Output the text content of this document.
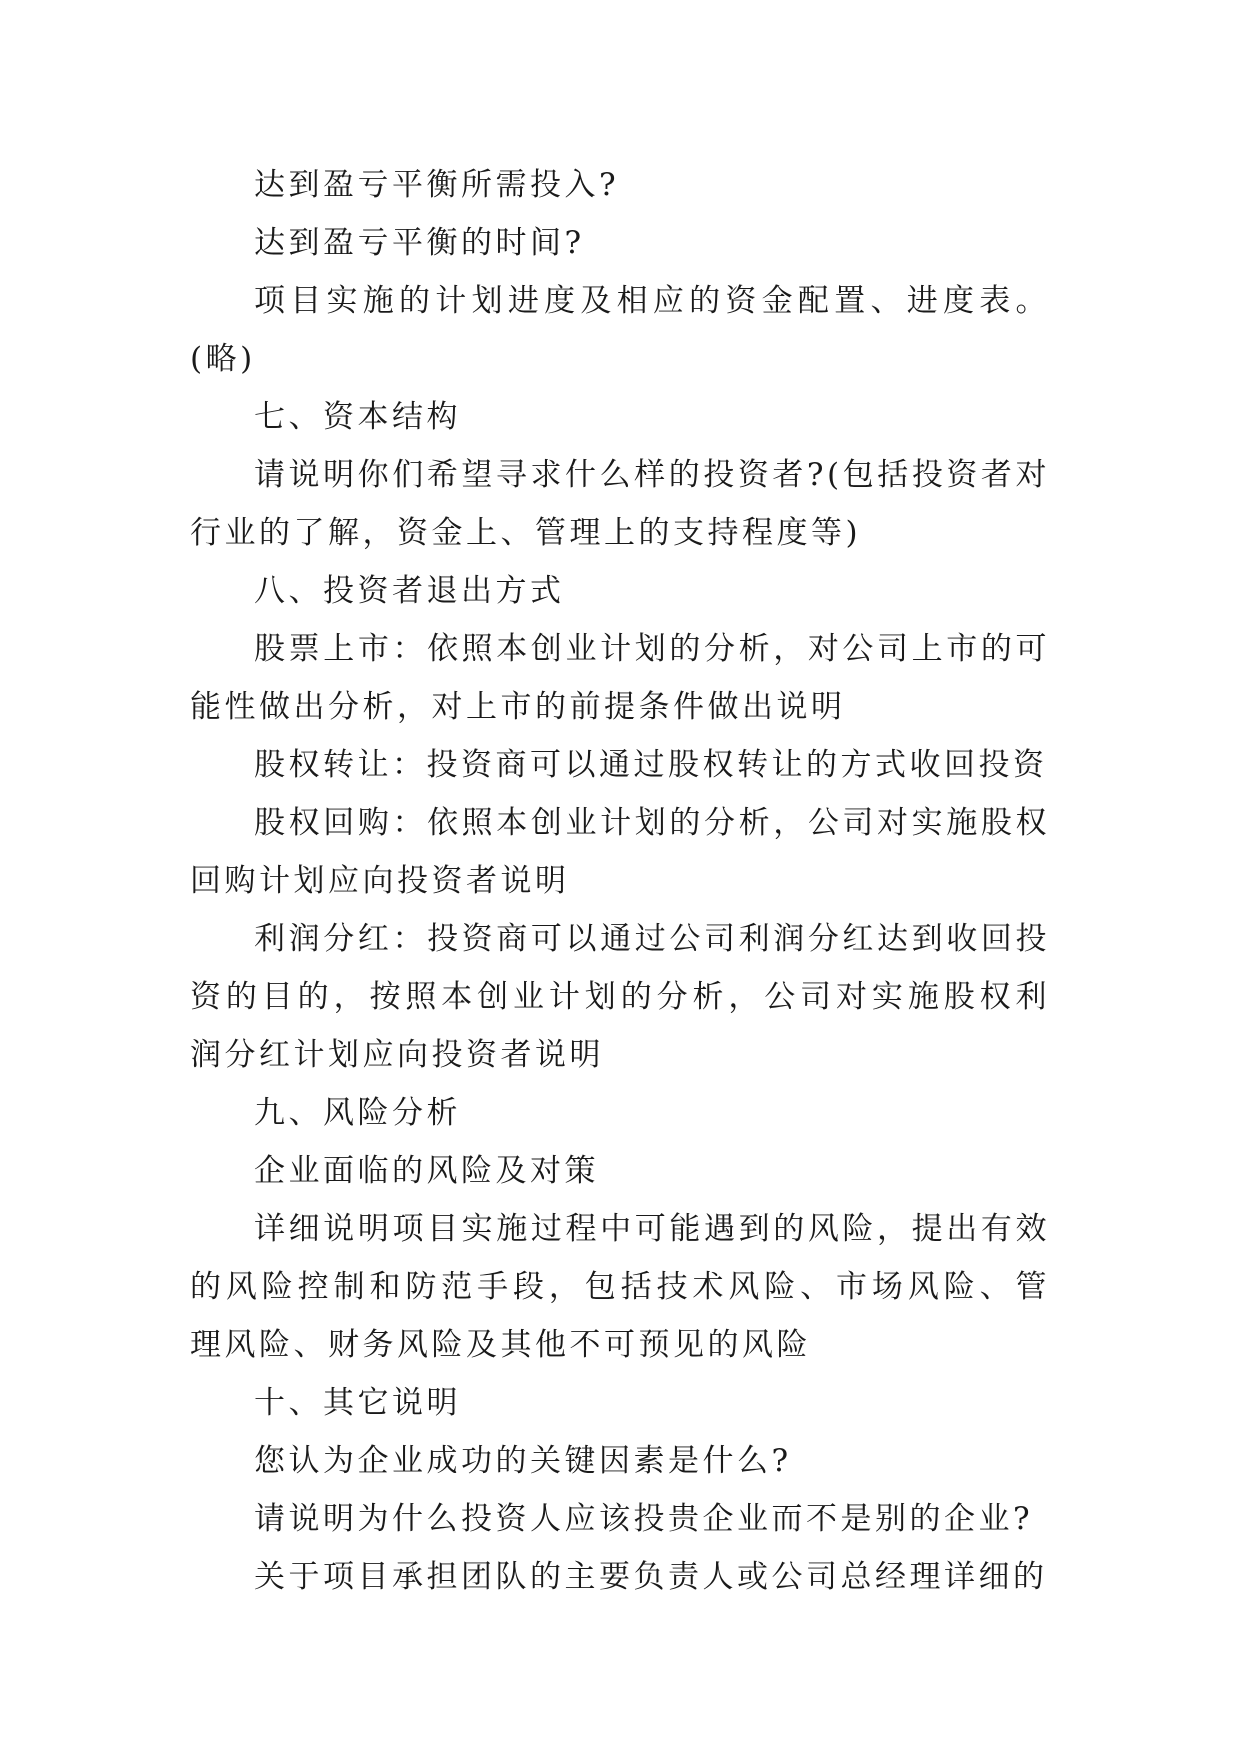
达到盈亏平衡所需投入?

达到盈亏平衡的时间?

项目实施的计划进度及相应的资金配置、进度表。(略)

七、资本结构

请说明你们希望寻求什么样的投资者?(包括投资者对行业的了解，资金上、管理上的支持程度等)

八、投资者退出方式

股票上市：依照本创业计划的分析，对公司上市的可能性做出分析，对上市的前提条件做出说明

股权转让：投资商可以通过股权转让的方式收回投资

股权回购：依照本创业计划的分析，公司对实施股权回购计划应向投资者说明

利润分红：投资商可以通过公司利润分红达到收回投资的目的，按照本创业计划的分析，公司对实施股权利润分红计划应向投资者说明

九、风险分析

企业面临的风险及对策

详细说明项目实施过程中可能遇到的风险，提出有效的风险控制和防范手段，包括技术风险、市场风险、管理风险、财务风险及其他不可预见的风险

十、其它说明

您认为企业成功的关键因素是什么?

请说明为什么投资人应该投贵企业而不是别的企业?

关于项目承担团队的主要负责人或公司总经理详细的
